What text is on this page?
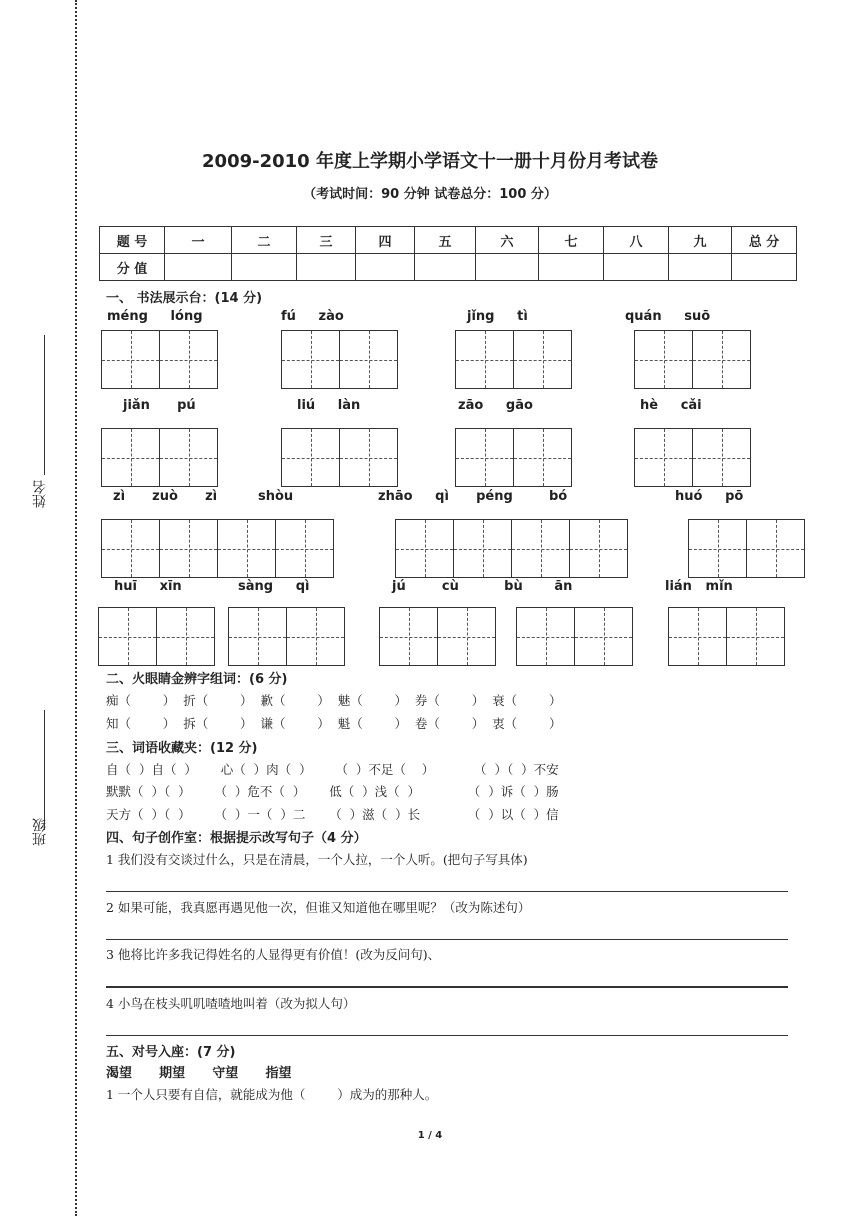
姓名
班级
2009-2010 年度上学期小学语文十一册十月份月考试卷
（考试时间：90 分钟 试卷总分：100 分）
题 号	一	二	三	四	五	六	七	八	九	总 分
分 值										
一、 书法展示台：(14 分)
méng     lóng	fú     zào	jǐng     tì	quán     suō
jiǎn      pú	liú     làn	zāo     gāo	hè     cǎi
zì      zuò      zì	shòu	zhāo     qì      péng        bó	huó     pō
huī     xīn	sàng     qì	jú        cù          bù       ān	lián   mǐn
二、火眼睛金辨字组词：(6 分)
痴（        ）  折（        ）  歉（        ）  魅（        ）  券（        ）  衰（        ）
知（        ）  拆（        ）  谦（        ）  魁（        ）  卷（        ）  衷（        ）
三、词语收藏夹：(12 分)
自（  ）自（  ）      心（  ）肉（  ）      （  ）不足（    ）          （  ）（  ）不安
默默（  ）（  ）      （  ）危不（  ）      低（  ）浅（  ）            （  ）诉（  ）肠
天方（  ）（  ）      （  ）一（  ）二      （  ）滋（  ）长            （  ）以（  ）信
四、句子创作室：根据提示改写句子（4 分）
1 我们没有交谈过什么，只是在清晨，一个人拉，一个人听。(把句子写具体)
2 如果可能，我真愿再遇见他一次，但谁又知道他在哪里呢？（改为陈述句）
3 他将比许多我记得姓名的人显得更有价值！(改为反问句)、
4 小鸟在枝头叽叽喳喳地叫着（改为拟人句）
五、对号入座：(7 分)
渴望      期望      守望      指望
1 一个人只要有自信，就能成为他（        ）成为的那种人。
1 / 4
